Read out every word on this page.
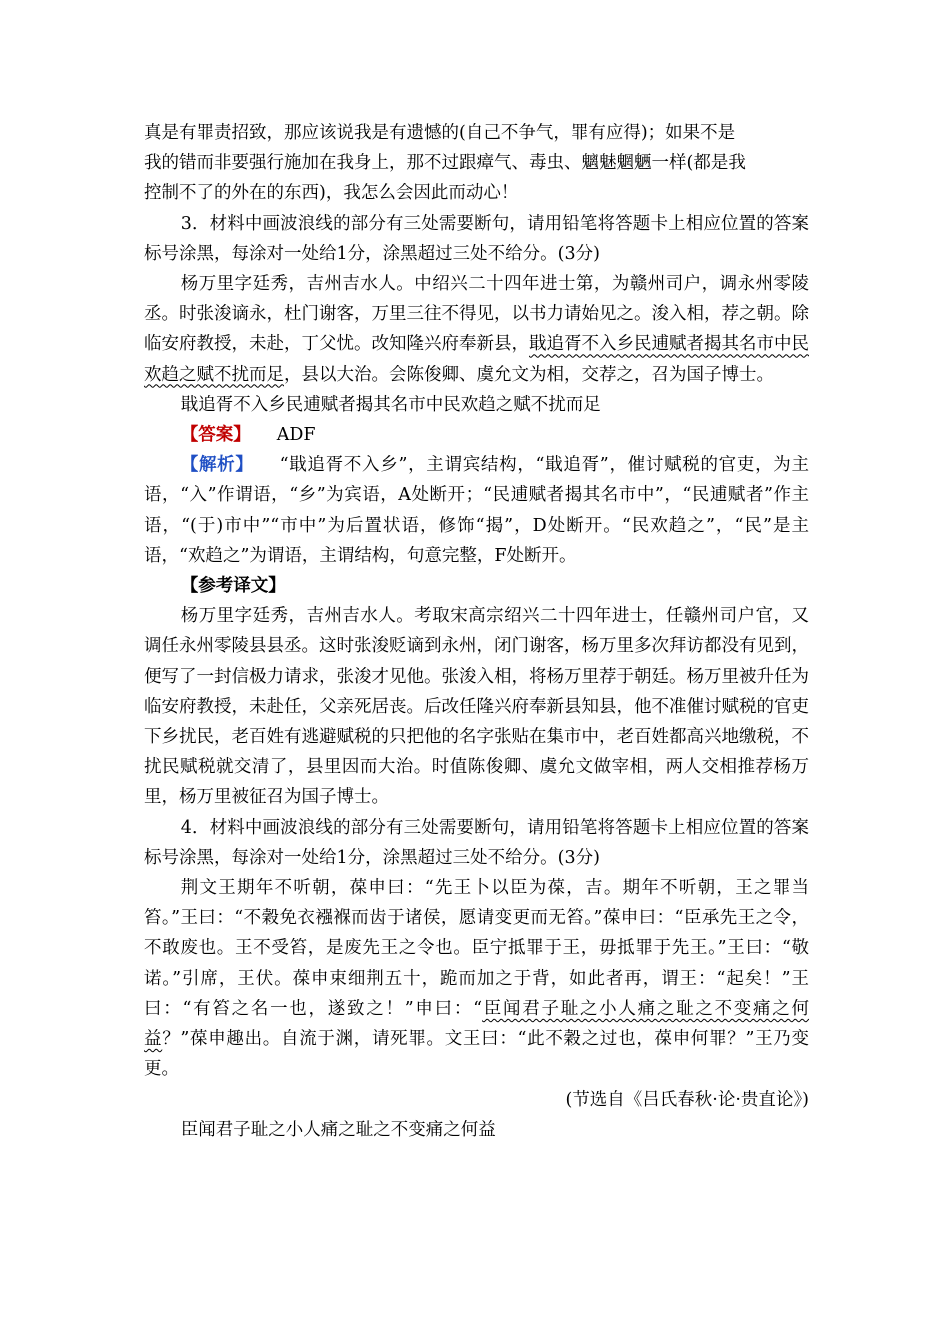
真是有罪责招致，那应该说我是有遗憾的(自己不争气，罪有应得)；如果不是
我的错而非要强行施加在我身上，那不过跟瘴气、毒虫、魑魅魍魉一样(都是我
控制不了的外在的东西)，我怎么会因此而动心！

3．材料中画波浪线的部分有三处需要断句，请用铅笔将答题卡上相应位置的答案标号涂黑，每涂对一处给1分，涂黑超过三处不给分。(3分)

杨万里字廷秀，吉州吉水人。中绍兴二十四年进士第，为赣州司户，调永州零陵丞。时张浚谪永，杜门谢客，万里三往不得见，以书力请始见之。浚入相，荐之朝。除临安府教授，未赴，丁父忧。改知隆兴府奉新县，戢追胥不入乡民逋赋者揭其名市中民欢趋之赋不扰而足，县以大治。会陈俊卿、虞允文为相，交荐之，召为国子博士。

戢追胥不入乡民逋赋者揭其名市中民欢趋之赋不扰而足

【答案】 ADF

【解析】 “戢追胥不入乡”，主谓宾结构，“戢追胥”，催讨赋税的官吏，为主语，“入”作谓语，“乡”为宾语，A处断开；“民逋赋者揭其名市中”，“民逋赋者”作主语，“(于)市中”“市中”为后置状语，修饰“揭”，D处断开。“民欢趋之”，“民”是主语，“欢趋之”为谓语，主谓结构，句意完整，F处断开。

【参考译文】

杨万里字廷秀，吉州吉水人。考取宋高宗绍兴二十四年进士，任赣州司户官，又调任永州零陵县县丞。这时张浚贬谪到永州，闭门谢客，杨万里多次拜访都没有见到，便写了一封信极力请求，张浚才见他。张浚入相，将杨万里荐于朝廷。杨万里被升任为临安府教授，未赴任，父亲死居丧。后改任隆兴府奉新县知县，他不准催讨赋税的官吏下乡扰民，老百姓有逃避赋税的只把他的名字张贴在集市中，老百姓都高兴地缴税，不扰民赋税就交清了，县里因而大治。时值陈俊卿、虞允文做宰相，两人交相推荐杨万里，杨万里被征召为国子博士。

4．材料中画波浪线的部分有三处需要断句，请用铅笔将答题卡上相应位置的答案标号涂黑，每涂对一处给1分，涂黑超过三处不给分。(3分)

荆文王期年不听朝，葆申曰：“先王卜以臣为葆，吉。期年不听朝，王之罪当笞。”王曰：“不穀免衣襁褓而齿于诸侯，愿请变更而无笞。”葆申曰：“臣承先王之令，不敢废也。王不受笞，是废先王之令也。臣宁抵罪于王，毋抵罪于先王。”王曰：“敬诺。”引席，王伏。葆申束细荆五十，跪而加之于背，如此者再，谓王：“起矣！”王曰：“有笞之名一也，遂致之！”申曰：“臣闻君子耻之小人痛之耻之不变痛之何益？”葆申趣出。自流于渊，请死罪。文王曰：“此不穀之过也，葆申何罪？”王乃变更。

(节选自《吕氏春秋·论·贵直论》)

臣闻君子耻之小人痛之耻之不变痛之何益
